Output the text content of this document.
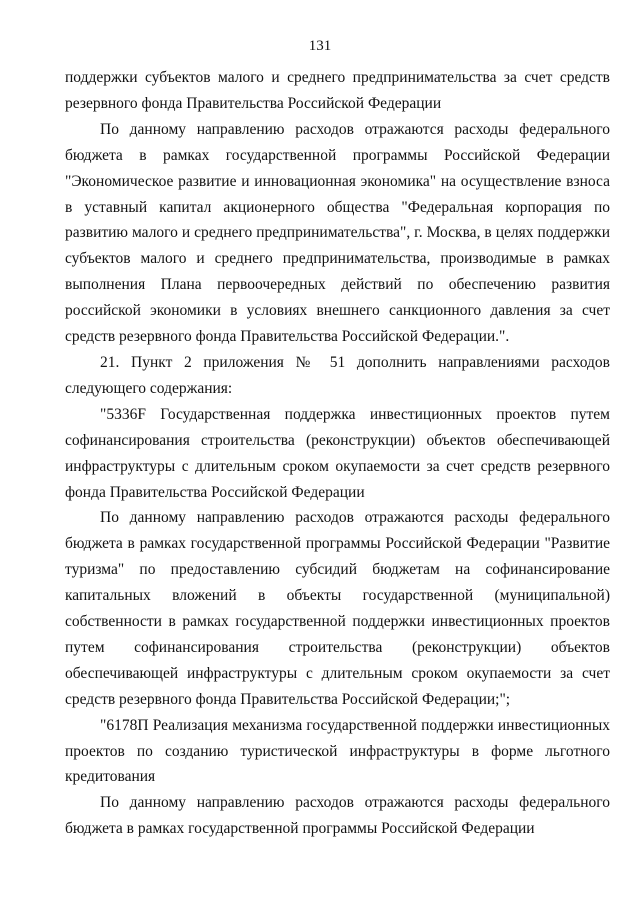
131

поддержки субъектов малого и среднего предпринимательства за счет средств резервного фонда Правительства Российской Федерации

По данному направлению расходов отражаются расходы федерального бюджета в рамках государственной программы Российской Федерации "Экономическое развитие и инновационная экономика" на осуществление взноса в уставный капитал акционерного общества "Федеральная корпорация по развитию малого и среднего предпринимательства", г. Москва, в целях поддержки субъектов малого и среднего предпринимательства, производимые в рамках выполнения Плана первоочередных действий по обеспечению развития российской экономики в условиях внешнего санкционного давления за счет средств резервного фонда Правительства Российской Федерации.".

21. Пункт 2 приложения № 51 дополнить направлениями расходов следующего содержания:

"5336F Государственная поддержка инвестиционных проектов путем софинансирования строительства (реконструкции) объектов обеспечивающей инфраструктуры с длительным сроком окупаемости за счет средств резервного фонда Правительства Российской Федерации

По данному направлению расходов отражаются расходы федерального бюджета в рамках государственной программы Российской Федерации "Развитие туризма" по предоставлению субсидий бюджетам на софинансирование капитальных вложений в объекты государственной (муниципальной) собственности в рамках государственной поддержки инвестиционных проектов путем софинансирования строительства (реконструкции) объектов обеспечивающей инфраструктуры с длительным сроком окупаемости за счет средств резервного фонда Правительства Российской Федерации;";

"6178П Реализация механизма государственной поддержки инвестиционных проектов по созданию туристической инфраструктуры в форме льготного кредитования

По данному направлению расходов отражаются расходы федерального бюджета в рамках государственной программы Российской Федерации
